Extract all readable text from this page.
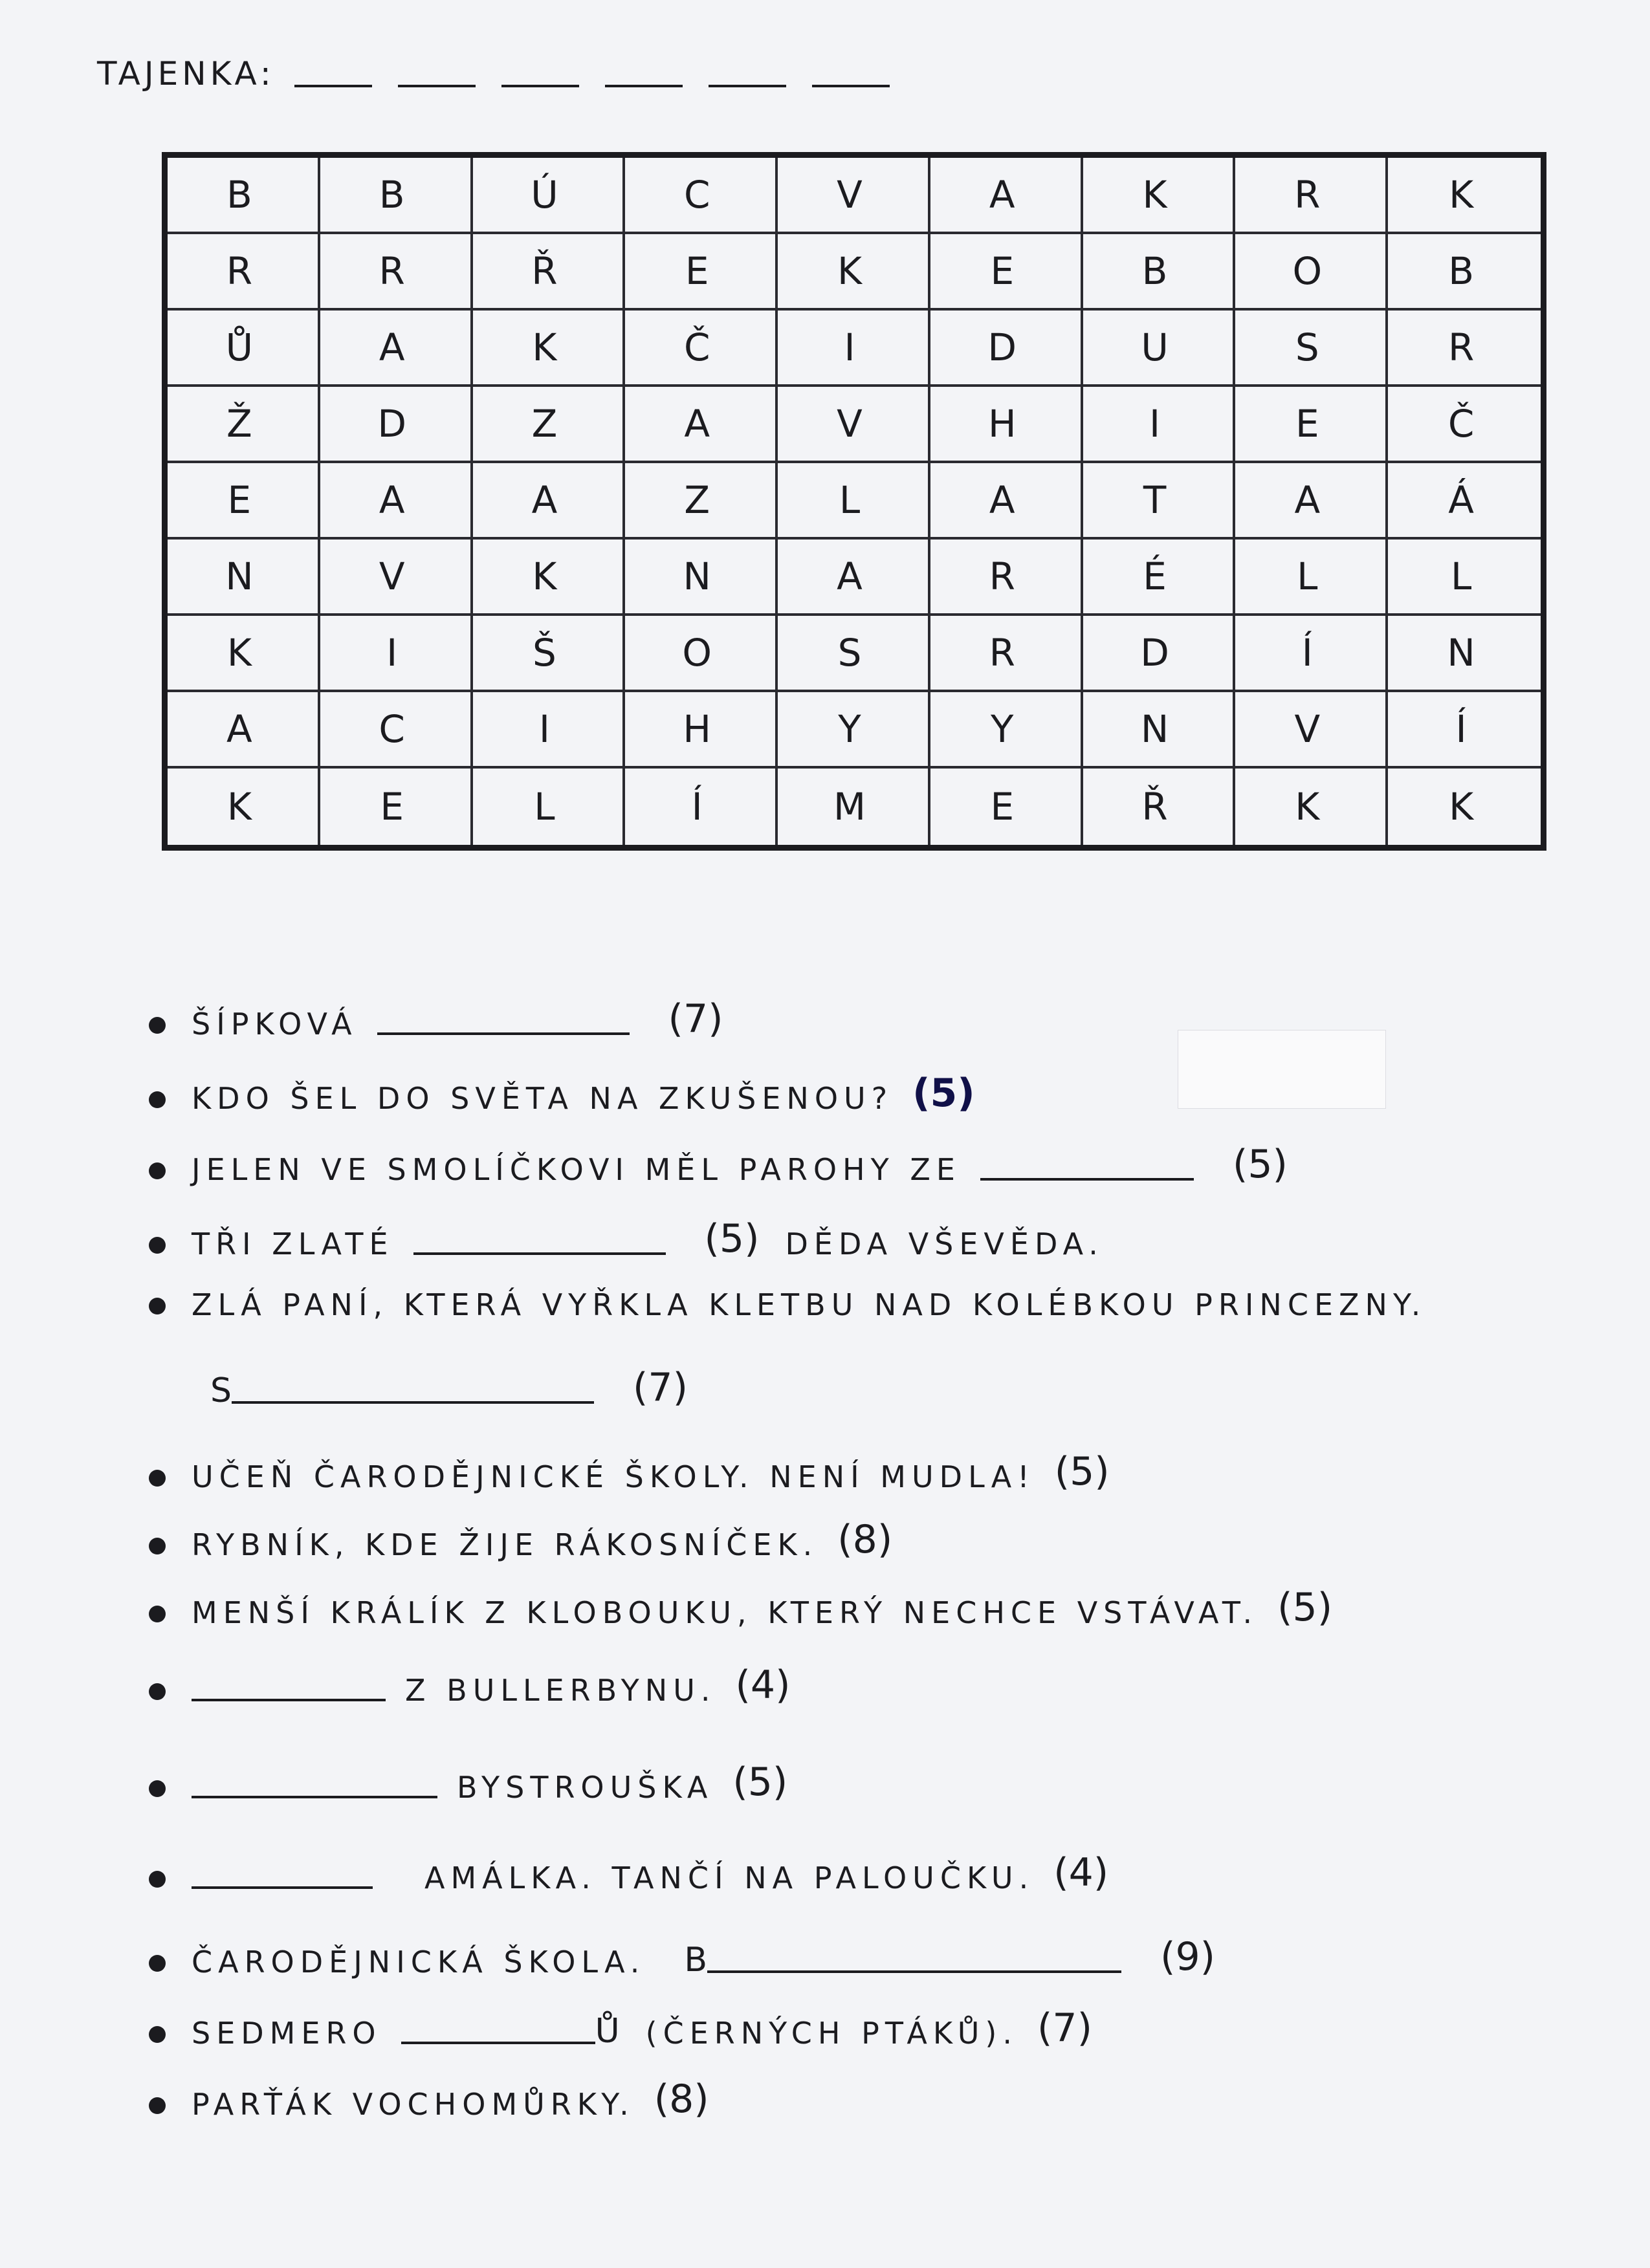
TAJENKA:
B	B	Ú	C	V	A	K	R	K
R	R	Ř	E	K	E	B	O	B
Ů	A	K	Č	I	D	U	S	R
Ž	D	Z	A	V	H	I	E	Č
E	A	A	Z	L	A	T	A	Á
N	V	K	N	A	R	É	L	L
K	I	Š	O	S	R	D	Í	N
A	C	I	H	Y	Y	N	V	Í
K	E	L	Í	M	E	Ř	K	K
ŠÍPKOVÁ	(7)
KDO ŠEL DO SVĚTA NA ZKUŠENOU? (5)
JELEN VE SMOLÍČKOVI MĚL PAROHY ZE	(5)
TŘI ZLATÉ	(5) DĚDA VŠEVĚDA.
ZLÁ PANÍ, KTERÁ VYŘKLA KLETBU NAD KOLÉBKOU PRINCEZNY.
S	(7)
UČEŇ ČARODĚJNICKÉ ŠKOLY. NENÍ MUDLA! (5)
RYBNÍK, KDE ŽIJE RÁKOSNÍČEK. (8)
MENŠÍ KRÁLÍK Z KLOBOUKU, KTERÝ NECHCE VSTÁVAT. (5)
Z BULLERBYNU. (4)
BYSTROUŠKA (5)
AMÁLKA. TANČÍ NA PALOUČKU. (4)
ČARODĚJNICKÁ ŠKOLA. B	(9)
SEDMERO	Ů (ČERNÝCH PTÁKŮ). (7)
PARŤÁK VOCHOMŮRKY. (8)
